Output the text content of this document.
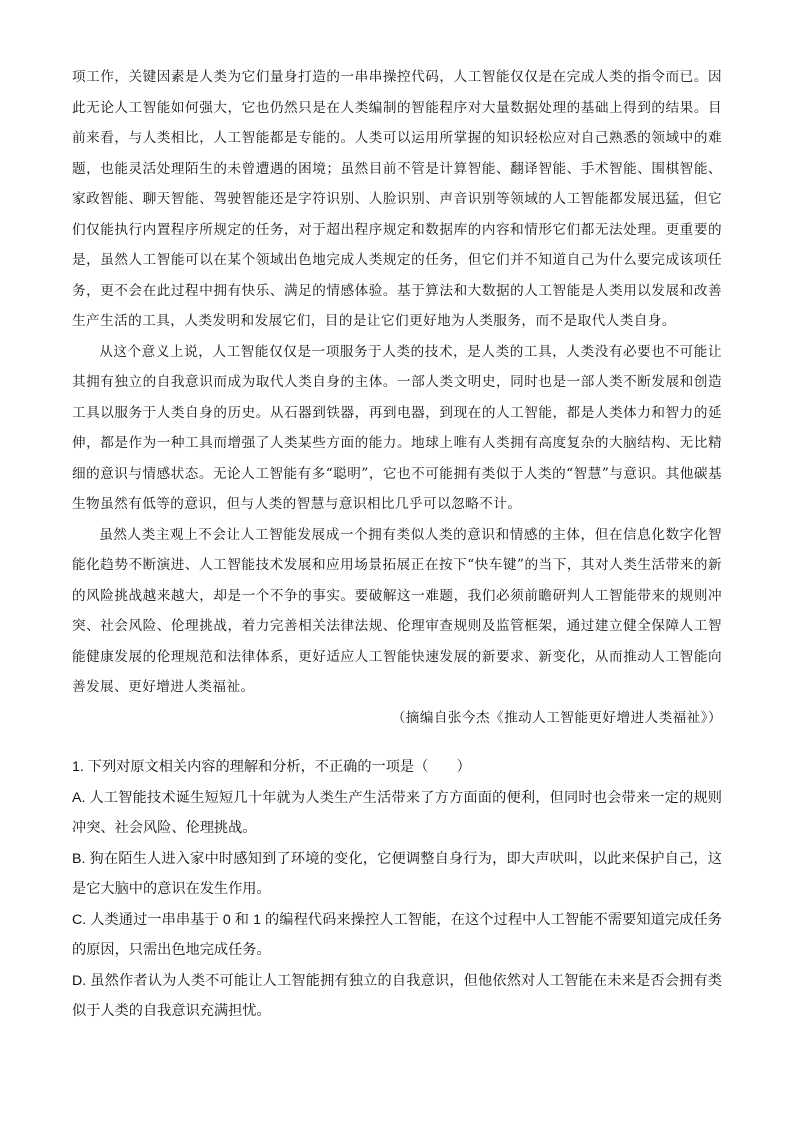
项工作，关键因素是人类为它们量身打造的一串串操控代码，人工智能仅仅是在完成人类的指令而已。因此无论人工智能如何强大，它也仍然只是在人类编制的智能程序对大量数据处理的基础上得到的结果。目前来看，与人类相比，人工智能都是专能的。人类可以运用所掌握的知识轻松应对自己熟悉的领域中的难题，也能灵活处理陌生的未曾遭遇的困境；虽然目前不管是计算智能、翻译智能、手术智能、围棋智能、家政智能、聊天智能、驾驶智能还是字符识别、人脸识别、声音识别等领域的人工智能都发展迅猛，但它们仅能执行内置程序所规定的任务，对于超出程序规定和数据库的内容和情形它们都无法处理。更重要的是，虽然人工智能可以在某个领域出色地完成人类规定的任务，但它们并不知道自己为什么要完成该项任务，更不会在此过程中拥有快乐、满足的情感体验。基于算法和大数据的人工智能是人类用以发展和改善生产生活的工具，人类发明和发展它们，目的是让它们更好地为人类服务，而不是取代人类自身。

从这个意义上说，人工智能仅仅是一项服务于人类的技术，是人类的工具，人类没有必要也不可能让其拥有独立的自我意识而成为取代人类自身的主体。一部人类文明史，同时也是一部人类不断发展和创造工具以服务于人类自身的历史。从石器到铁器，再到电器，到现在的人工智能，都是人类体力和智力的延伸，都是作为一种工具而增强了人类某些方面的能力。地球上唯有人类拥有高度复杂的大脑结构、无比精细的意识与情感状态。无论人工智能有多“聪明”，它也不可能拥有类似于人类的“智慧”与意识。其他碳基生物虽然有低等的意识，但与人类的智慧与意识相比几乎可以忽略不计。

虽然人类主观上不会让人工智能发展成一个拥有类似人类的意识和情感的主体，但在信息化数字化智能化趋势不断演进、人工智能技术发展和应用场景拓展正在按下“快车键”的当下，其对人类生活带来的新的风险挑战越来越大，却是一个不争的事实。要破解这一难题，我们必须前瞻研判人工智能带来的规则冲突、社会风险、伦理挑战，着力完善相关法律法规、伦理审查规则及监管框架，通过建立健全保障人工智能健康发展的伦理规范和法律体系，更好适应人工智能快速发展的新要求、新变化，从而推动人工智能向善发展、更好增进人类福祉。

（摘编自张今杰《推动人工智能更好增进人类福祉》）

1. 下列对原文相关内容的理解和分析，不正确的一项是（　　）

A. 人工智能技术诞生短短几十年就为人类生产生活带来了方方面面的便利，但同时也会带来一定的规则冲突、社会风险、伦理挑战。

B. 狗在陌生人进入家中时感知到了环境的变化，它便调整自身行为，即大声吠叫，以此来保护自己，这是它大脑中的意识在发生作用。

C. 人类通过一串串基于 0 和 1 的编程代码来操控人工智能，在这个过程中人工智能不需要知道完成任务的原因，只需出色地完成任务。

D. 虽然作者认为人类不可能让人工智能拥有独立的自我意识，但他依然对人工智能在未来是否会拥有类似于人类的自我意识充满担忧。
